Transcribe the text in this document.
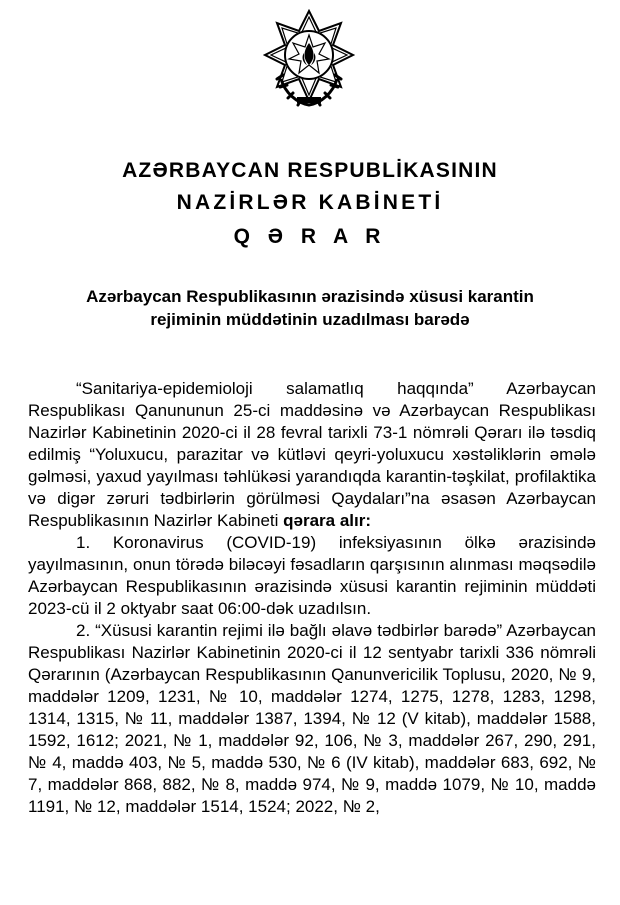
AZƏRBAYCAN RESPUBLİKASININ
NAZİRLƏR KABİNETİ
Q Ə R A R
Azərbaycan Respublikasının ərazisində xüsusi karantin
rejiminin müddətinin uzadılması barədə

“Sanitariya-epidemioloji salamatlıq haqqında” Azərbaycan Respublikası Qanununun 25-ci maddəsinə və Azərbaycan Respublikası Nazirlər Kabinetinin 2020-ci il 28 fevral tarixli 73-1 nömrəli Qərarı ilə təsdiq edilmiş “Yoluxucu, parazitar və kütləvi qeyri-yoluxucu xəstəliklərin əmələ gəlməsi, yaxud yayılması təhlükəsi yarandıqda karantin-təşkilat, profilaktika və digər zəruri tədbirlərin görülməsi Qaydaları”na əsasən Azərbaycan Respublikasının Nazirlər Kabineti qərara alır:

1. Koronavirus (COVID-19) infeksiyasının ölkə ərazisində yayılmasının, onun törədə biləcəyi fəsadların qarşısının alınması məqsədilə Azərbaycan Respublikasının ərazisində xüsusi karantin rejiminin müddəti 2023-cü il 2 oktyabr saat 06:00-dək uzadılsın.

2. “Xüsusi karantin rejimi ilə bağlı əlavə tədbirlər barədə” Azərbaycan Respublikası Nazirlər Kabinetinin 2020-ci il 12 sentyabr tarixli 336 nömrəli Qərarının (Azərbaycan Respublikasının Qanunvericilik Toplusu, 2020, № 9, maddələr 1209, 1231, № 10, maddələr 1274, 1275, 1278, 1283, 1298, 1314, 1315, № 11, maddələr 1387, 1394, № 12 (V kitab), maddələr 1588, 1592, 1612; 2021, № 1, maddələr 92, 106, № 3, maddələr 267, 290, 291, № 4, maddə 403, № 5, maddə 530, № 6 (IV kitab), maddələr 683, 692, № 7, maddələr 868, 882, № 8, maddə 974, № 9, maddə 1079, № 10, maddə 1191, № 12, maddələr 1514, 1524; 2022, № 2,
